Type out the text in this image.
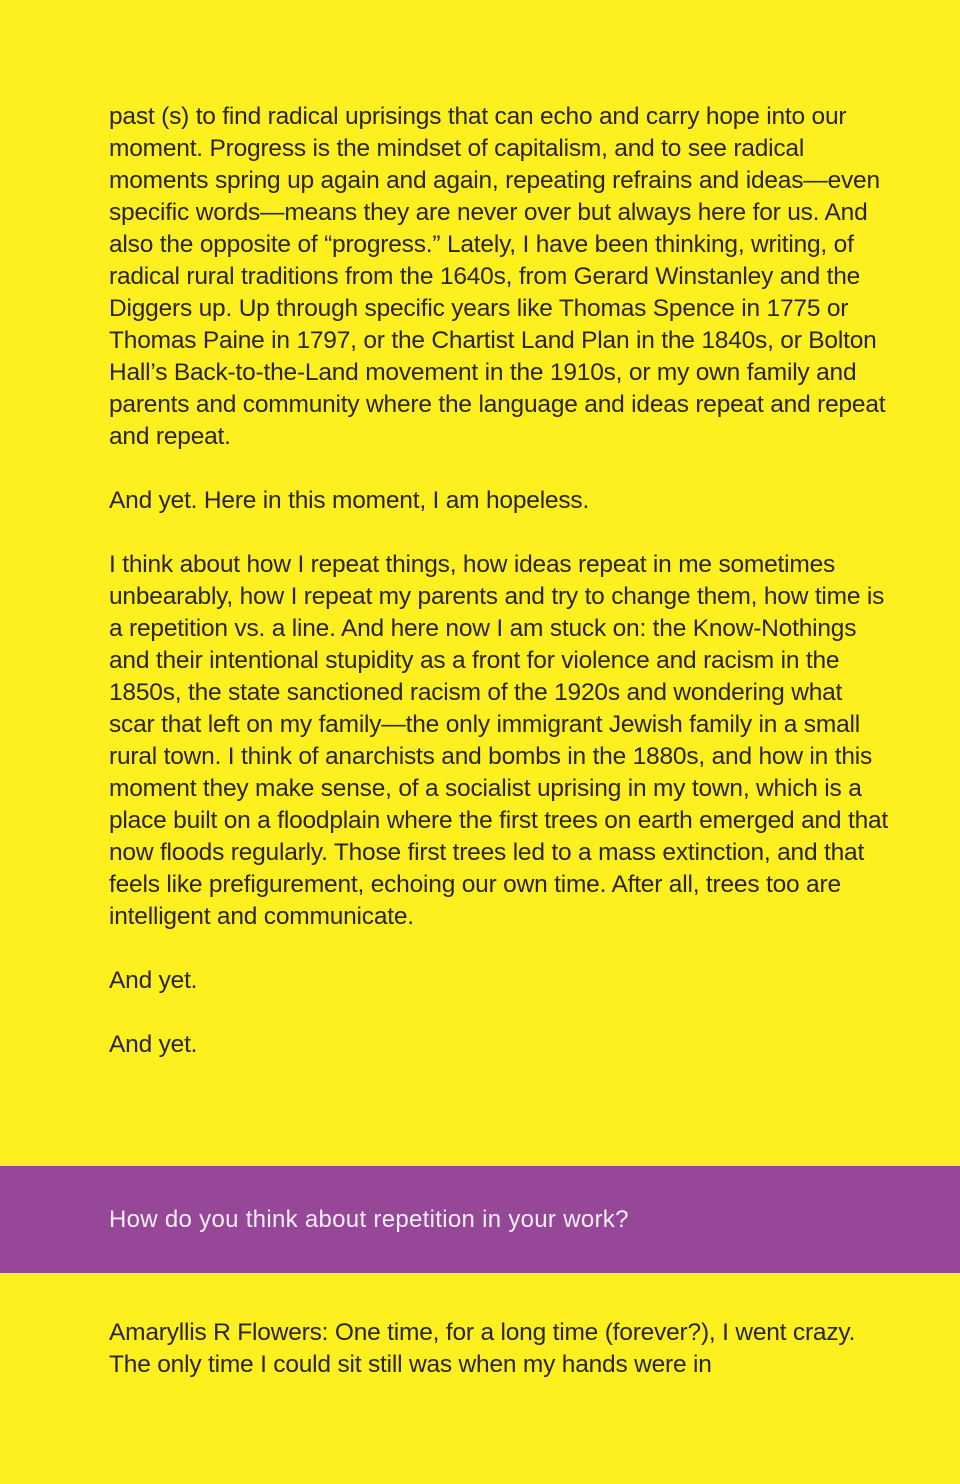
past (s) to find radical uprisings that can echo and carry hope into our moment. Progress is the mindset of capitalism, and to see radical moments spring up again and again, repeating refrains and ideas—even specific words—means they are never over but always here for us. And also the opposite of “progress.” Lately, I have been thinking, writing, of radical rural traditions from the 1640s, from Gerard Winstanley and the Diggers up. Up through specific years like Thomas Spence in 1775 or Thomas Paine in 1797, or the Chartist Land Plan in the 1840s, or Bolton Hall’s Back-to-the-Land movement in the 1910s, or my own family and parents and community where the language and ideas repeat and repeat and repeat.

And yet. Here in this moment, I am hopeless.

I think about how I repeat things, how ideas repeat in me sometimes unbearably, how I repeat my parents and try to change them, how time is a repetition vs. a line. And here now I am stuck on: the Know-Nothings and their intentional stupidity as a front for violence and racism in the 1850s, the state sanctioned racism of the 1920s and wondering what scar that left on my family—the only immigrant Jewish family in a small rural town. I think of anarchists and bombs in the 1880s, and how in this moment they make sense, of a socialist uprising in my town, which is a place built on a floodplain where the first trees on earth emerged and that now floods regularly. Those first trees led to a mass extinction, and that feels like prefigurement, echoing our own time. After all, trees too are intelligent and communicate.

And yet.

And yet.

How do you think about repetition in your work?

Amaryllis R Flowers: One time, for a long time (forever?), I went crazy. The only time I could sit still was when my hands were in
